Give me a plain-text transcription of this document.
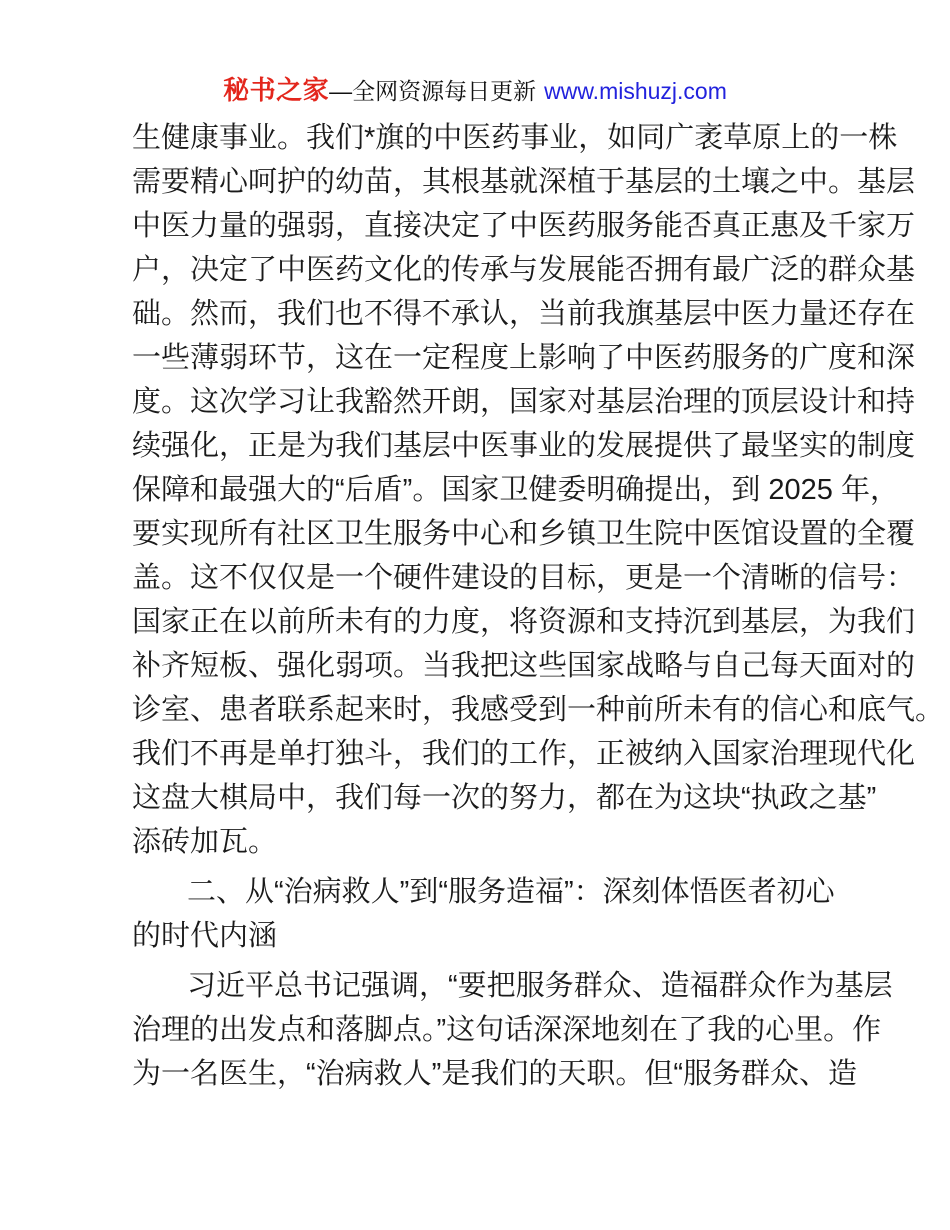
秘书之家—全网资源每日更新 www.mishuzj.com
生健康事业。我们*旗的中医药事业，如同广袤草原上的一株
需要精心呵护的幼苗，其根基就深植于基层的土壤之中。基层
中医力量的强弱，直接决定了中医药服务能否真正惠及千家万
户，决定了中医药文化的传承与发展能否拥有最广泛的群众基
础。然而，我们也不得不承认，当前我旗基层中医力量还存在
一些薄弱环节，这在一定程度上影响了中医药服务的广度和深
度。这次学习让我豁然开朗，国家对基层治理的顶层设计和持
续强化，正是为我们基层中医事业的发展提供了最坚实的制度
保障和最强大的“后盾”。国家卫健委明确提出，到 2025 年，
要实现所有社区卫生服务中心和乡镇卫生院中医馆设置的全覆
盖。这不仅仅是一个硬件建设的目标，更是一个清晰的信号：
国家正在以前所未有的力度，将资源和支持沉到基层，为我们
补齐短板、强化弱项。当我把这些国家战略与自己每天面对的
诊室、患者联系起来时，我感受到一种前所未有的信心和底气。
我们不再是单打独斗，我们的工作，正被纳入国家治理现代化
这盘大棋局中，我们每一次的努力，都在为这块“执政之基”
添砖加瓦。
二、从“治病救人”到“服务造福”：深刻体悟医者初心
的时代内涵
习近平总书记强调，“要把服务群众、造福群众作为基层
治理的出发点和落脚点。”这句话深深地刻在了我的心里。作
为一名医生，“治病救人”是我们的天职。但“服务群众、造
